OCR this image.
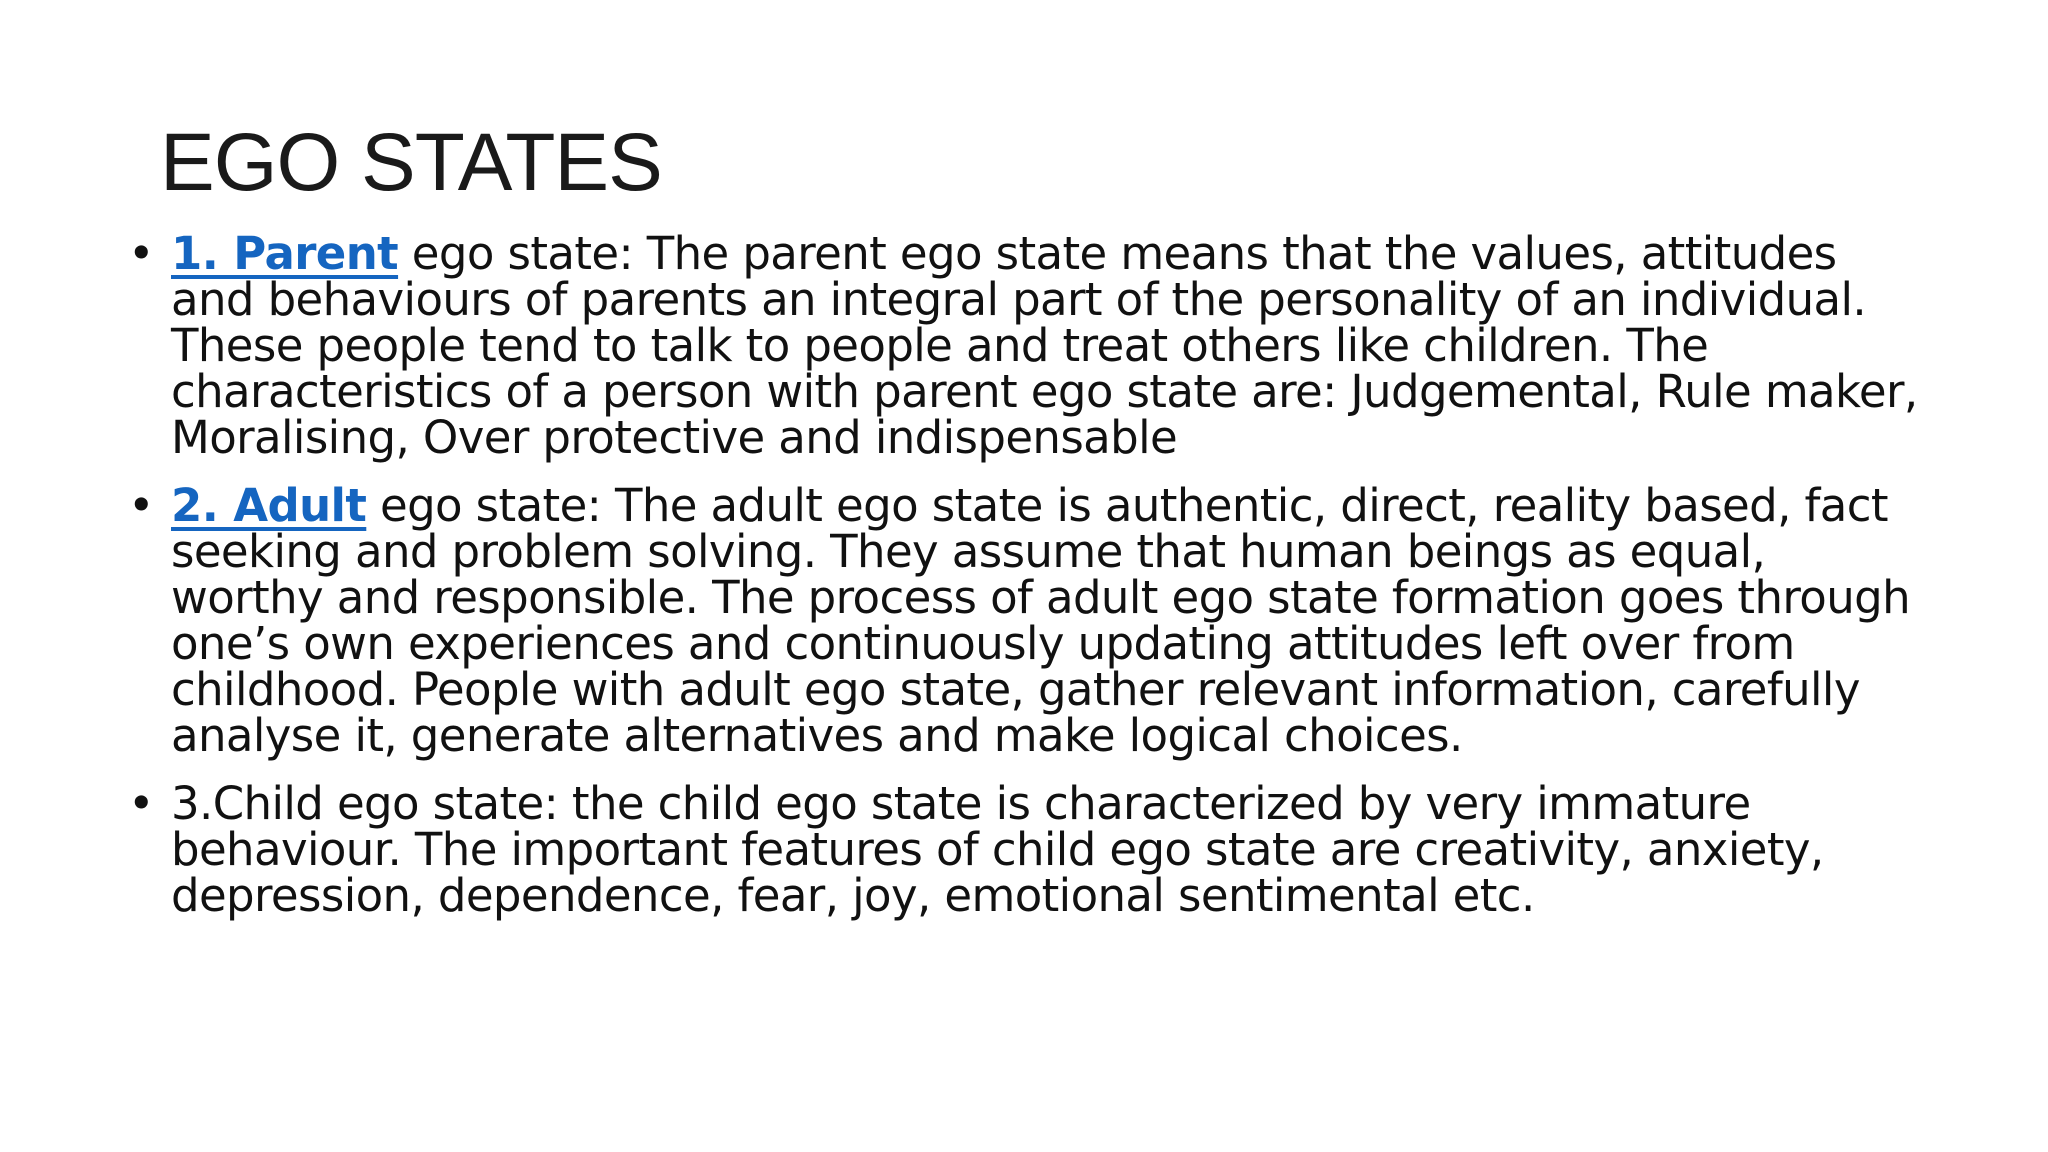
EGO STATES
• 1. Parent ego state: The parent ego state means that the values, attitudes and behaviours of parents an integral part of the personality of an individual. These people tend to talk to people and treat others like children. The characteristics of a person with parent ego state are: Judgemental, Rule maker, Moralising, Over protective and indispensable
• 2. Adult ego state: The adult ego state is authentic, direct, reality based, fact seeking and problem solving. They assume that human beings as equal, worthy and responsible. The process of adult ego state formation goes through one’s own experiences and continuously updating attitudes left over from childhood. People with adult ego state, gather relevant information, carefully analyse it, generate alternatives and make logical choices.
• 3.Child ego state: the child ego state is characterized by very immature behaviour. The important features of child ego state are creativity, anxiety, depression, dependence, fear, joy, emotional sentimental etc.
